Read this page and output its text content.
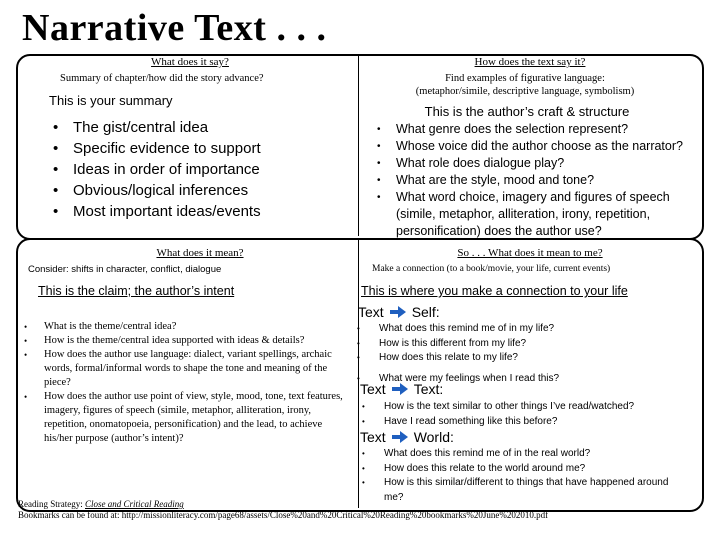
Narrative Text . . .
What does it say?
Summary of chapter/how did the story advance?
This is your summary
• The gist/central idea
• Specific evidence to support
• Ideas in order of importance
• Obvious/logical inferences
• Most important ideas/events
How does the text say it?
Find examples of figurative language:
(metaphor/simile, descriptive language, symbolism)
This is the author’s craft & structure
• What genre does the selection represent?
• Whose voice did the author choose as the narrator?
• What role does dialogue play?
• What are the style, mood and tone?
• What word choice, imagery and figures of speech (simile, metaphor, alliteration, irony, repetition, personification) does the author use?
What does it mean?
Consider: shifts in character, conflict, dialogue
This is the claim; the author’s intent
• What is the theme/central idea?
• How is the theme/central idea supported with ideas & details?
• How does the author use language: dialect, variant spellings, archaic words, formal/informal words to shape the tone and meaning of the piece?
• How does the author use point of view, style, mood, tone, text features, imagery, figures of speech (simile, metaphor, alliteration, irony, repetition, onomatopoeia, personification) and the lead, to achieve his/her purpose (author’s intent)?
So . . . What does it mean to me?
Make a connection (to a book/movie, your life, current events)
This is where you make a connection to your life
Text Self:
• What does this remind me of in my life?
• How is this different from my life?
• How does this relate to my life?
• What were my feelings when I read this?
Text Text:
• How is the text similar to other things I’ve read/watched?
• Have I read something like this before?
Text World:
• What does this remind me of in the real world?
• How does this relate to the world around me?
• How is this similar/different to things that have happened around me?
Reading Strategy: Close and Critical Reading
Bookmarks can be found at: http://missionliteracy.com/page68/assets/Close%20and%20Critical%20Reading%20bookmarks%20June%202010.pdf
